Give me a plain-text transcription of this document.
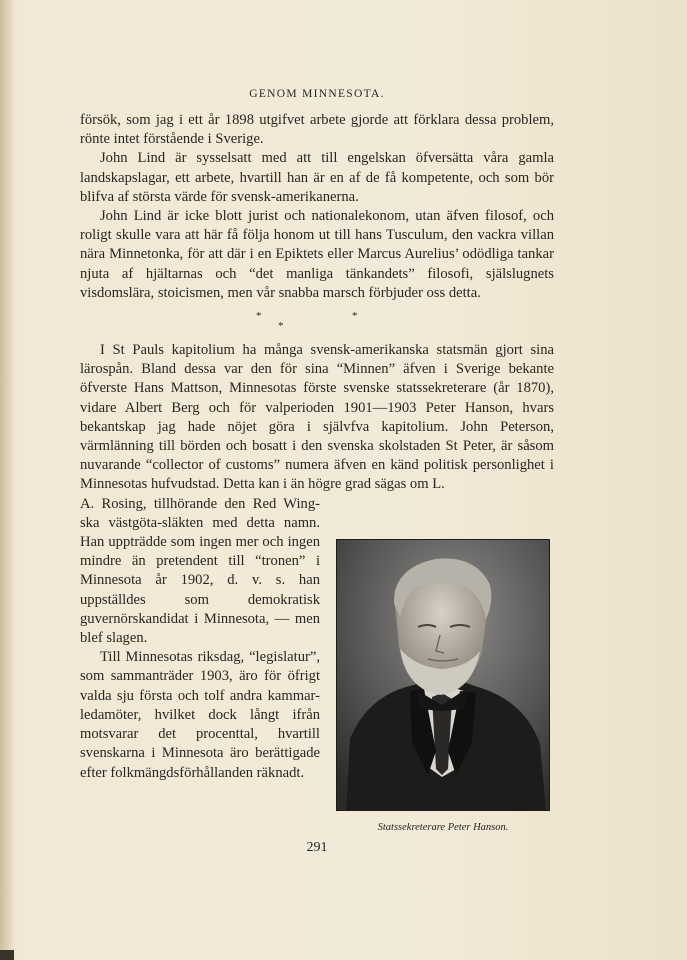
GENOM MINNESOTA.

försök, som jag i ett år 1898 utgifvet arbete gjorde att förklara dessa problem, rönte intet förstående i Sverige.

John Lind är sysselsatt med att till engelskan öfversätta våra gamla landskapslagar, ett arbete, hvartill han är en af de få kompetente, och som bör blifva af största värde för svensk-amerikanerna.

John Lind är icke blott jurist och nationalekonom, utan äfven filosof, och roligt skulle vara att här få följa honom ut till hans Tusculum, den vackra villan nära Minnetonka, för att där i en Epiktets eller Marcus Aurelius’ odödliga tankar njuta af hjältarnas och “det manliga tänkandets” filosofi, själslugnets visdomslära, stoicismen, men vår snabba marsch förbjuder oss detta.

*
*
*

I St Pauls kapitolium ha många svensk-amerikanska statsmän gjort sina lärospån. Bland dessa var den för sina “Minnen” äfven i Sverige bekante öfverste Hans Mattson, Minnesotas förste svenske statssekreterare (år 1870), vidare Albert Berg och för valperioden 1901—1903 Peter Hanson, hvars bekantskap jag hade nöjet göra i självfva kapitolium. John Peterson, värmlänning till börden och bosatt i den svenska skolstaden St Peter, är såsom nuvarande “collector of customs” numera äfven en känd politisk personlighet i Minnesotas hufvudstad. Detta kan i än högre grad sägas om L.

A. Rosing, tillhörande den Red Wing-ska västgöta-släkten med detta namn. Han uppträdde som ingen mer och ingen mindre än pretendent till “tronen” i Minnesota år 1902, d. v. s. han uppställdes som demokratisk guvernörskandidat i Minnesota, — men blef slagen.

Till Minnesotas riksdag, “legislatur”, som sammanträder 1903, äro för öfrigt valda sju första och tolf andra kammar-ledamöter, hvilket dock långt ifrån motsvarar det procenttal, hvartill svenskarna i Minnesota äro berättigade efter folkmängdsförhållanden räknadt.

Statssekreterare Peter Hanson.
291
